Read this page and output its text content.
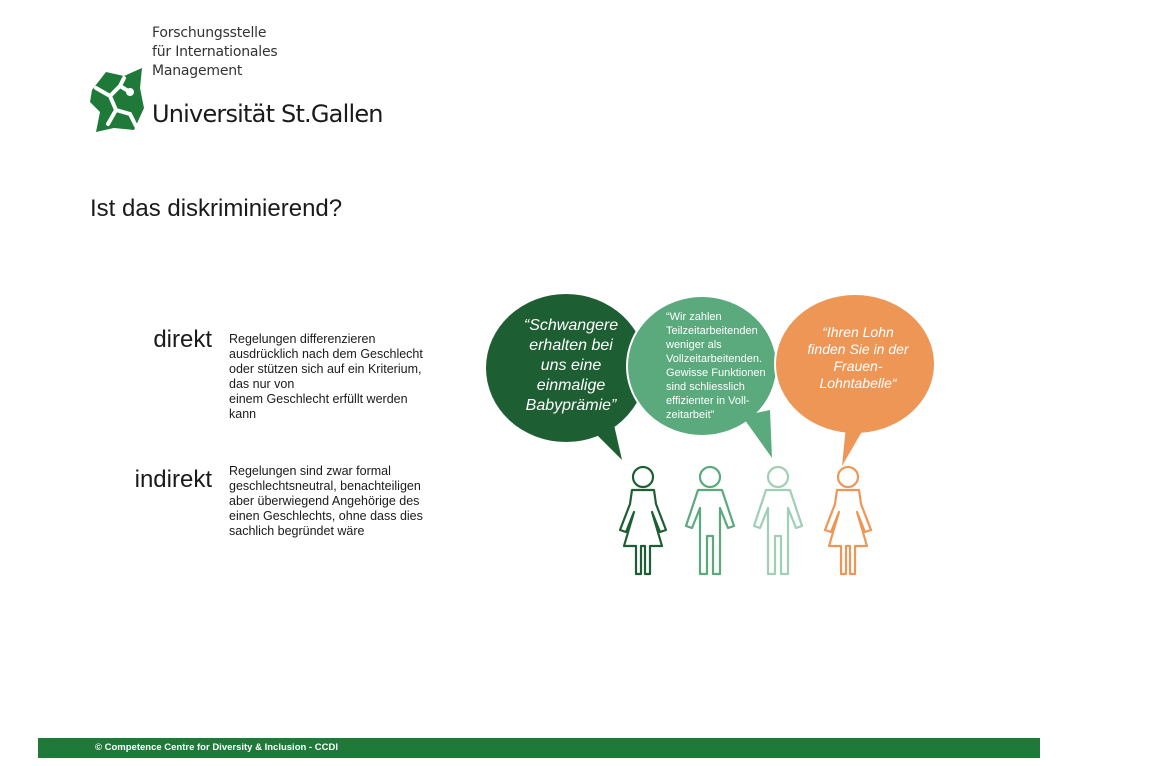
Forschungsstelle
für Internationales Management
Universität St.Gallen
Ist das diskriminierend?
direkt Regelungen differenzieren
ausdrücklich nach dem Geschlecht
oder stützen sich auf ein Kriterium,
das nur von
einem Geschlecht erfüllt werden
kann
indirekt Regelungen sind zwar formal
geschlechtsneutral, benachteiligen
aber überwiegend Angehörige des
einen Geschlechts, ohne dass dies
sachlich begründet wäre
“Schwangere
erhalten bei
uns eine
einmalige
Babyprämie”
“Wir zahlen
Teilzeitarbeitenden
weniger als
Vollzeitarbeitenden.
Gewisse Funktionen
sind schliesslich
effizienter in Voll-
zeitarbeit”
“Ihren Lohn
finden Sie in der
Frauen-
Lohntabelle“
© Competence Centre for Diversity & Inclusion - CCDI
